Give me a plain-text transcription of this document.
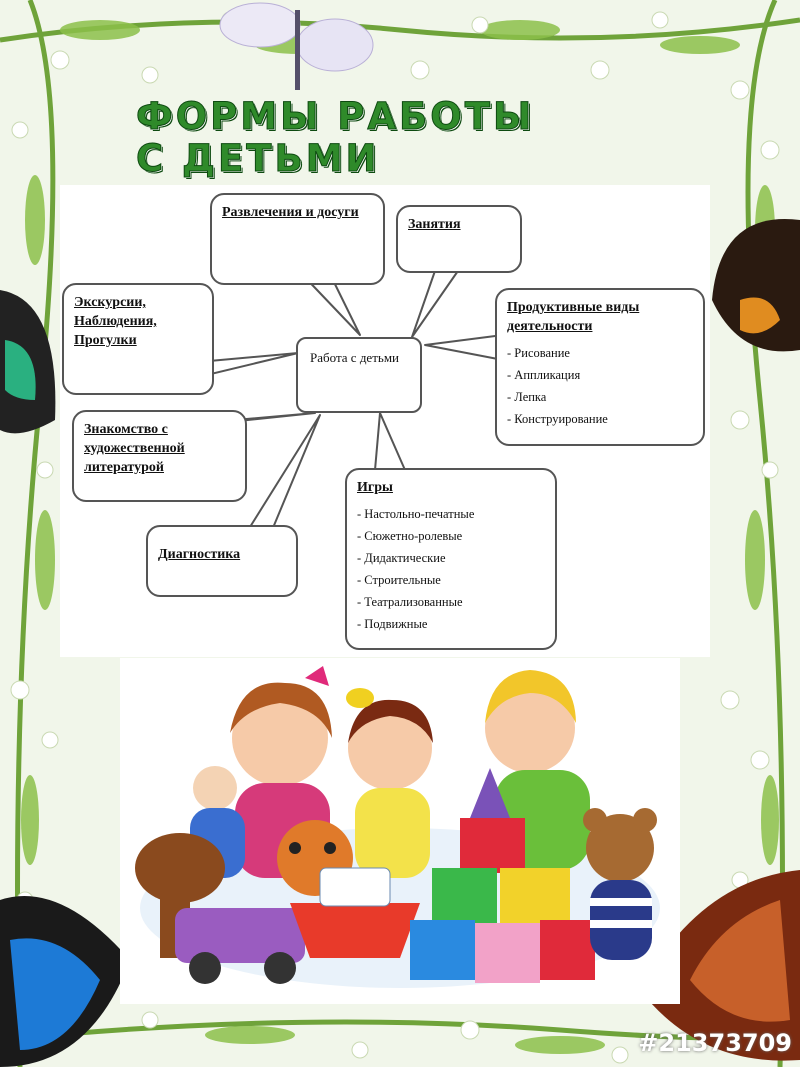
ФОРМЫ РАБОТЫ
С ДЕТЬМИ
Работа с детьми
Развлечения и досуги
Занятия
Экскурсии, Наблюдения, Прогулки
Продуктивные виды деятельности
- Рисование
- Аппликация
- Лепка
- Конструирование
Знакомство с художественной литературой
Диагностика
Игры
- Настольно-печатные
- Сюжетно-ролевые
- Дидактические
- Строительные
- Театрализованные
- Подвижные
#21373709
